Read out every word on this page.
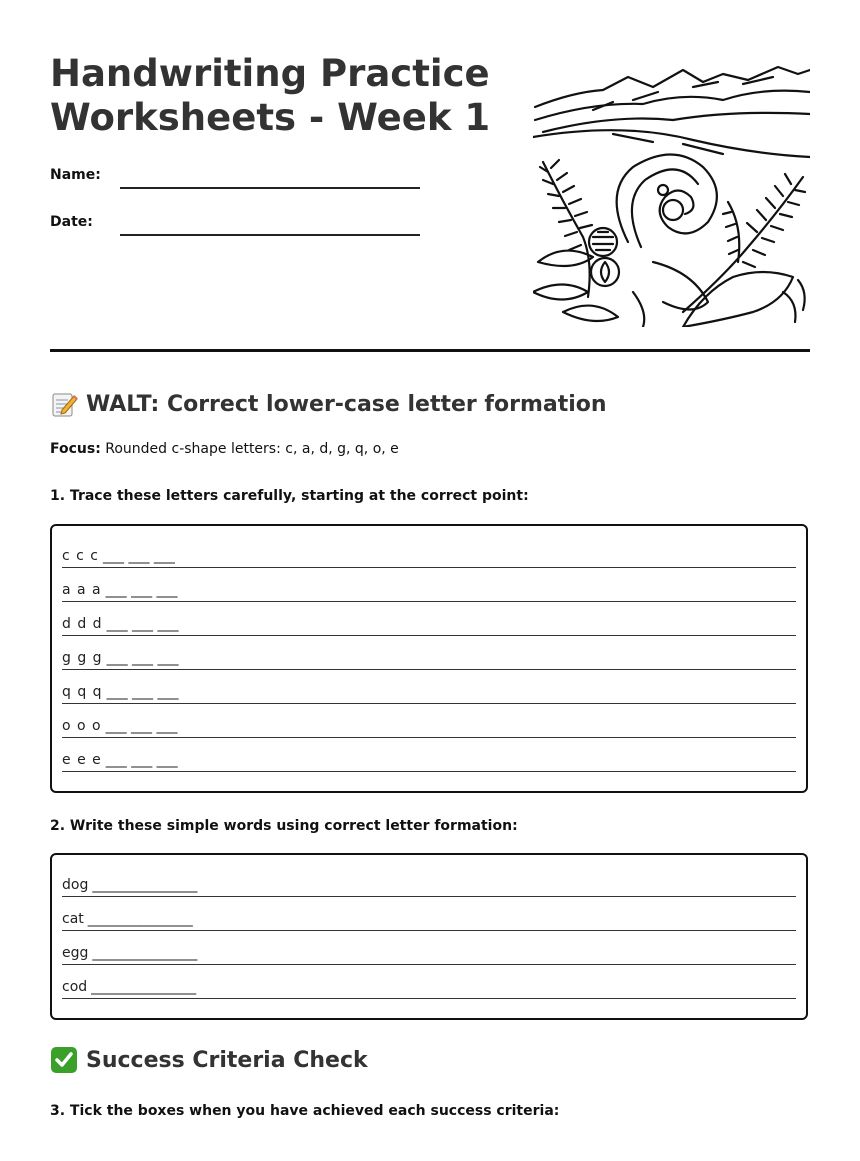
Handwriting Practice
Worksheets - Week 1
Name:
Date:
WALT: Correct lower-case letter formation
Focus: Rounded c-shape letters: c, a, d, g, q, o, e
1. Trace these letters carefully, starting at the correct point:
c c c ___ ___ ___
a a a ___ ___ ___
d d d ___ ___ ___
g g g ___ ___ ___
q q q ___ ___ ___
o o o ___ ___ ___
e e e ___ ___ ___
2. Write these simple words using correct letter formation:
dog _______________
cat _______________
egg _______________
cod _______________
Success Criteria Check
3. Tick the boxes when you have achieved each success criteria:
